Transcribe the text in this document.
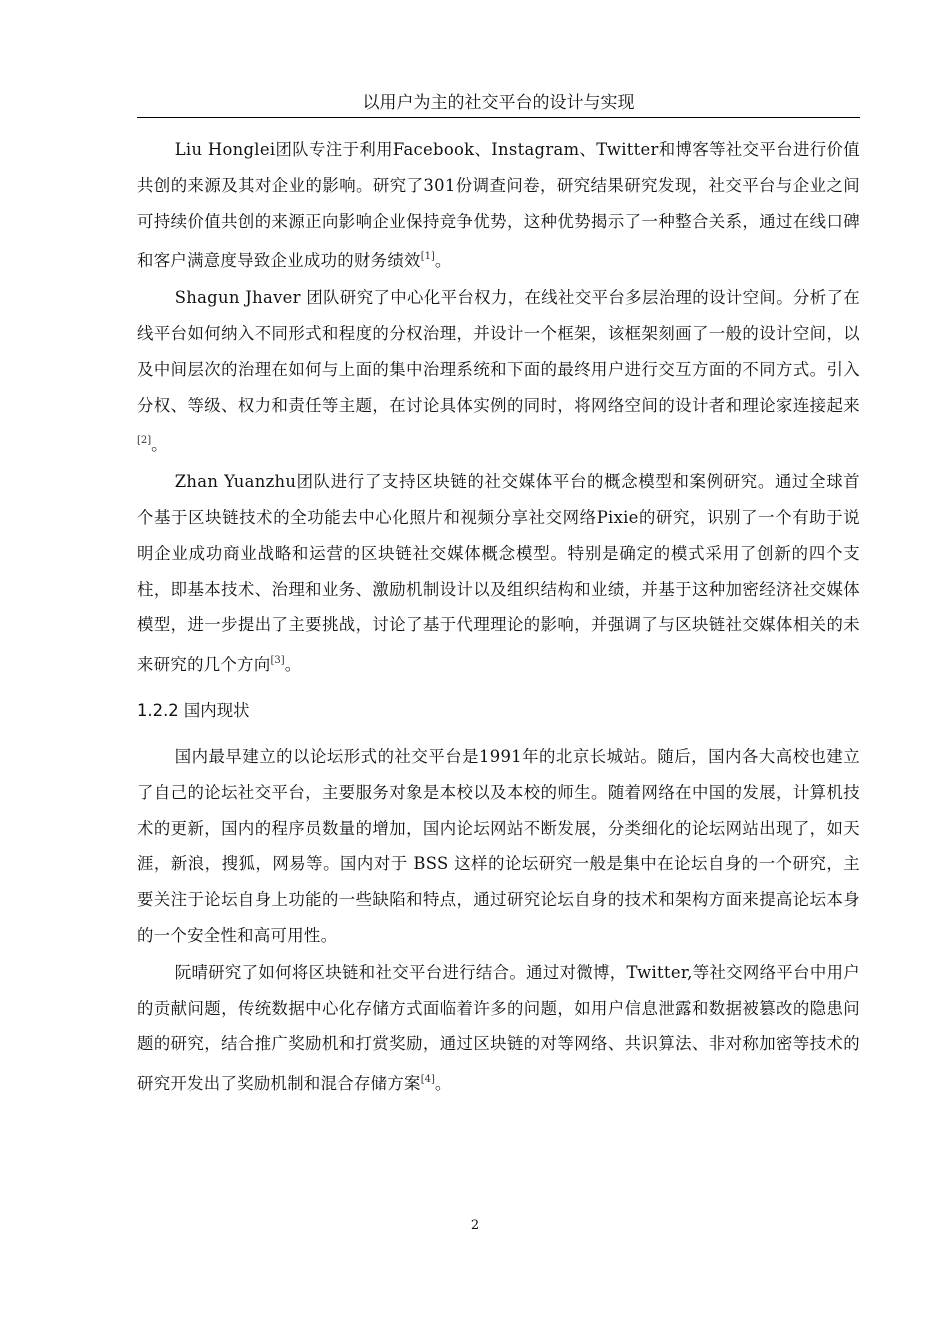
以用户为主的社交平台的设计与实现

Liu Honglei团队专注于利用Facebook、Instagram、Twitter和博客等社交平台进行价值共创的来源及其对企业的影响。研究了301份调查问卷，研究结果研究发现，社交平台与企业之间可持续价值共创的来源正向影响企业保持竞争优势，这种优势揭示了一种整合关系，通过在线口碑和客户满意度导致企业成功的财务绩效[1]。

Shagun Jhaver 团队研究了中心化平台权力，在线社交平台多层治理的设计空间。分析了在线平台如何纳入不同形式和程度的分权治理，并设计一个框架，该框架刻画了一般的设计空间，以及中间层次的治理在如何与上面的集中治理系统和下面的最终用户进行交互方面的不同方式。引入分权、等级、权力和责任等主题，在讨论具体实例的同时，将网络空间的设计者和理论家连接起来[2]。

Zhan Yuanzhu团队进行了支持区块链的社交媒体平台的概念模型和案例研究。通过全球首个基于区块链技术的全功能去中心化照片和视频分享社交网络Pixie的研究，识别了一个有助于说明企业成功商业战略和运营的区块链社交媒体概念模型。特别是确定的模式采用了创新的四个支柱，即基本技术、治理和业务、激励机制设计以及组织结构和业绩，并基于这种加密经济社交媒体模型，进一步提出了主要挑战，讨论了基于代理理论的影响，并强调了与区块链社交媒体相关的未来研究的几个方向[3]。

1.2.2 国内现状

国内最早建立的以论坛形式的社交平台是1991年的北京长城站。随后，国内各大高校也建立了自己的论坛社交平台，主要服务对象是本校以及本校的师生。随着网络在中国的发展，计算机技术的更新，国内的程序员数量的增加，国内论坛网站不断发展，分类细化的论坛网站出现了，如天涯，新浪，搜狐，网易等。国内对于 BSS 这样的论坛研究一般是集中在论坛自身的一个研究，主要关注于论坛自身上功能的一些缺陷和特点，通过研究论坛自身的技术和架构方面来提高论坛本身的一个安全性和高可用性。

阮晴研究了如何将区块链和社交平台进行结合。通过对微博，Twitter,等社交网络平台中用户的贡献问题，传统数据中心化存储方式面临着许多的问题，如用户信息泄露和数据被篡改的隐患问题的研究，结合推广奖励机和打赏奖励，通过区块链的对等网络、共识算法、非对称加密等技术的研究开发出了奖励机制和混合存储方案[4]。

2
